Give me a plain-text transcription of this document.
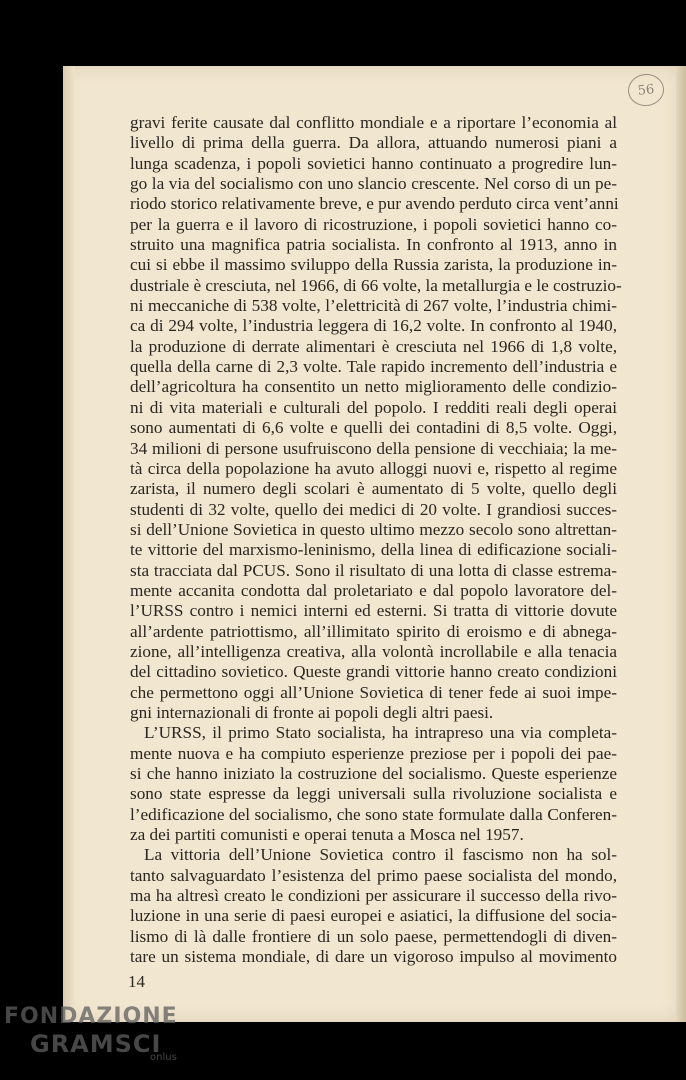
56
gravi ferite causate dal conflitto mondiale e a riportare l’economia al
livello di prima della guerra. Da allora, attuando numerosi piani a
lunga scadenza, i popoli sovietici hanno continuato a progredire lun-
go la via del socialismo con uno slancio crescente. Nel corso di un pe-
riodo storico relativamente breve, e pur avendo perduto circa vent’anni
per la guerra e il lavoro di ricostruzione, i popoli sovietici hanno co-
struito una magnifica patria socialista. In confronto al 1913, anno in
cui si ebbe il massimo sviluppo della Russia zarista, la produzione in-
dustriale è cresciuta, nel 1966, di 66 volte, la metallurgia e le costruzio-
ni meccaniche di 538 volte, l’elettricità di 267 volte, l’industria chimi-
ca di 294 volte, l’industria leggera di 16,2 volte. In confronto al 1940,
la produzione di derrate alimentari è cresciuta nel 1966 di 1,8 volte,
quella della carne di 2,3 volte. Tale rapido incremento dell’industria e
dell’agricoltura ha consentito un netto miglioramento delle condizio-
ni di vita materiali e culturali del popolo. I redditi reali degli operai
sono aumentati di 6,6 volte e quelli dei contadini di 8,5 volte. Oggi,
34 milioni di persone usufruiscono della pensione di vecchiaia; la me-
tà circa della popolazione ha avuto alloggi nuovi e, rispetto al regime
zarista, il numero degli scolari è aumentato di 5 volte, quello degli
studenti di 32 volte, quello dei medici di 20 volte. I grandiosi succes-
si dell’Unione Sovietica in questo ultimo mezzo secolo sono altrettan-
te vittorie del marxismo-leninismo, della linea di edificazione sociali-
sta tracciata dal PCUS. Sono il risultato di una lotta di classe estrema-
mente accanita condotta dal proletariato e dal popolo lavoratore del-
l’URSS contro i nemici interni ed esterni. Si tratta di vittorie dovute
all’ardente patriottismo, all’illimitato spirito di eroismo e di abnega-
zione, all’intelligenza creativa, alla volontà incrollabile e alla tenacia
del cittadino sovietico. Queste grandi vittorie hanno creato condizioni
che permettono oggi all’Unione Sovietica di tener fede ai suoi impe-
gni internazionali di fronte ai popoli degli altri paesi.
L’URSS, il primo Stato socialista, ha intrapreso una via completa-
mente nuova e ha compiuto esperienze preziose per i popoli dei pae-
si che hanno iniziato la costruzione del socialismo. Queste esperienze
sono state espresse da leggi universali sulla rivoluzione socialista e
l’edificazione del socialismo, che sono state formulate dalla Conferen-
za dei partiti comunisti e operai tenuta a Mosca nel 1957.
La vittoria dell’Unione Sovietica contro il fascismo non ha sol-
tanto salvaguardato l’esistenza del primo paese socialista del mondo,
ma ha altresì creato le condizioni per assicurare il successo della rivo-
luzione in una serie di paesi europei e asiatici, la diffusione del socia-
lismo di là dalle frontiere di un solo paese, permettendogli di diven-
tare un sistema mondiale, di dare un vigoroso impulso al movimento
14
FONDAZIONE
GRAMSCI
onlus
